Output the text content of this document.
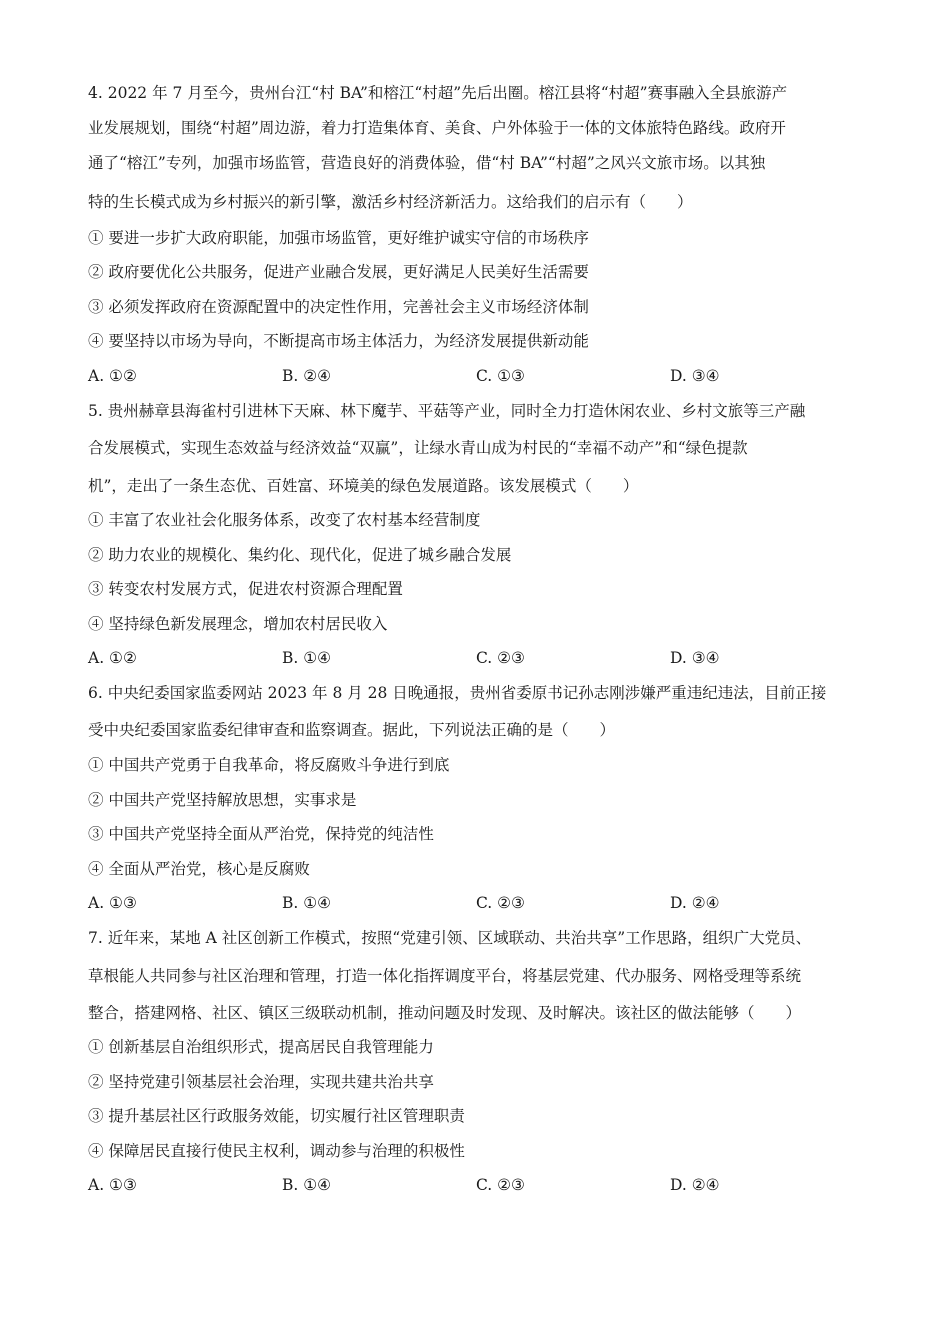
4. 2022 年 7 月至今，贵州台江“村 BA”和榕江“村超”先后出圈。榕江县将“村超”赛事融入全县旅游产
业发展规划，围绕“村超”周边游，着力打造集体育、美食、户外体验于一体的文体旅特色路线。政府开
通了“榕江”专列，加强市场监管，营造良好的消费体验，借“村 BA”“村超”之风兴文旅市场。以其独
特的生长模式成为乡村振兴的新引擎，激活乡村经济新活力。这给我们的启示有（　　）
① 要进一步扩大政府职能，加强市场监管，更好维护诚实守信的市场秩序
② 政府要优化公共服务，促进产业融合发展，更好满足人民美好生活需要
③ 必须发挥政府在资源配置中的决定性作用，完善社会主义市场经济体制
④ 要坚持以市场为导向，不断提高市场主体活力，为经济发展提供新动能
A. ①②	B. ②④	C. ①③	D. ③④
5. 贵州赫章县海雀村引进林下天麻、林下魔芋、平菇等产业，同时全力打造休闲农业、乡村文旅等三产融
合发展模式，实现生态效益与经济效益“双赢”，让绿水青山成为村民的“幸福不动产”和“绿色提款
机”，走出了一条生态优、百姓富、环境美的绿色发展道路。该发展模式（　　）
① 丰富了农业社会化服务体系，改变了农村基本经营制度
② 助力农业的规模化、集约化、现代化，促进了城乡融合发展
③ 转变农村发展方式，促进农村资源合理配置
④ 坚持绿色新发展理念，增加农村居民收入
A. ①②	B. ①④	C. ②③	D. ③④
6. 中央纪委国家监委网站 2023 年 8 月 28 日晚通报，贵州省委原书记孙志刚涉嫌严重违纪违法，目前正接
受中央纪委国家监委纪律审查和监察调查。据此，下列说法正确的是（　　）
① 中国共产党勇于自我革命，将反腐败斗争进行到底
② 中国共产党坚持解放思想，实事求是
③ 中国共产党坚持全面从严治党，保持党的纯洁性
④ 全面从严治党，核心是反腐败
A. ①③	B. ①④	C. ②③	D. ②④
7. 近年来，某地 A 社区创新工作模式，按照“党建引领、区域联动、共治共享”工作思路，组织广大党员、
草根能人共同参与社区治理和管理，打造一体化指挥调度平台，将基层党建、代办服务、网格受理等系统
整合，搭建网格、社区、镇区三级联动机制，推动问题及时发现、及时解决。该社区的做法能够（　　）
① 创新基层自治组织形式，提高居民自我管理能力
② 坚持党建引领基层社会治理，实现共建共治共享
③ 提升基层社区行政服务效能，切实履行社区管理职责
④ 保障居民直接行使民主权利，调动参与治理的积极性
A. ①③	B. ①④	C. ②③	D. ②④
